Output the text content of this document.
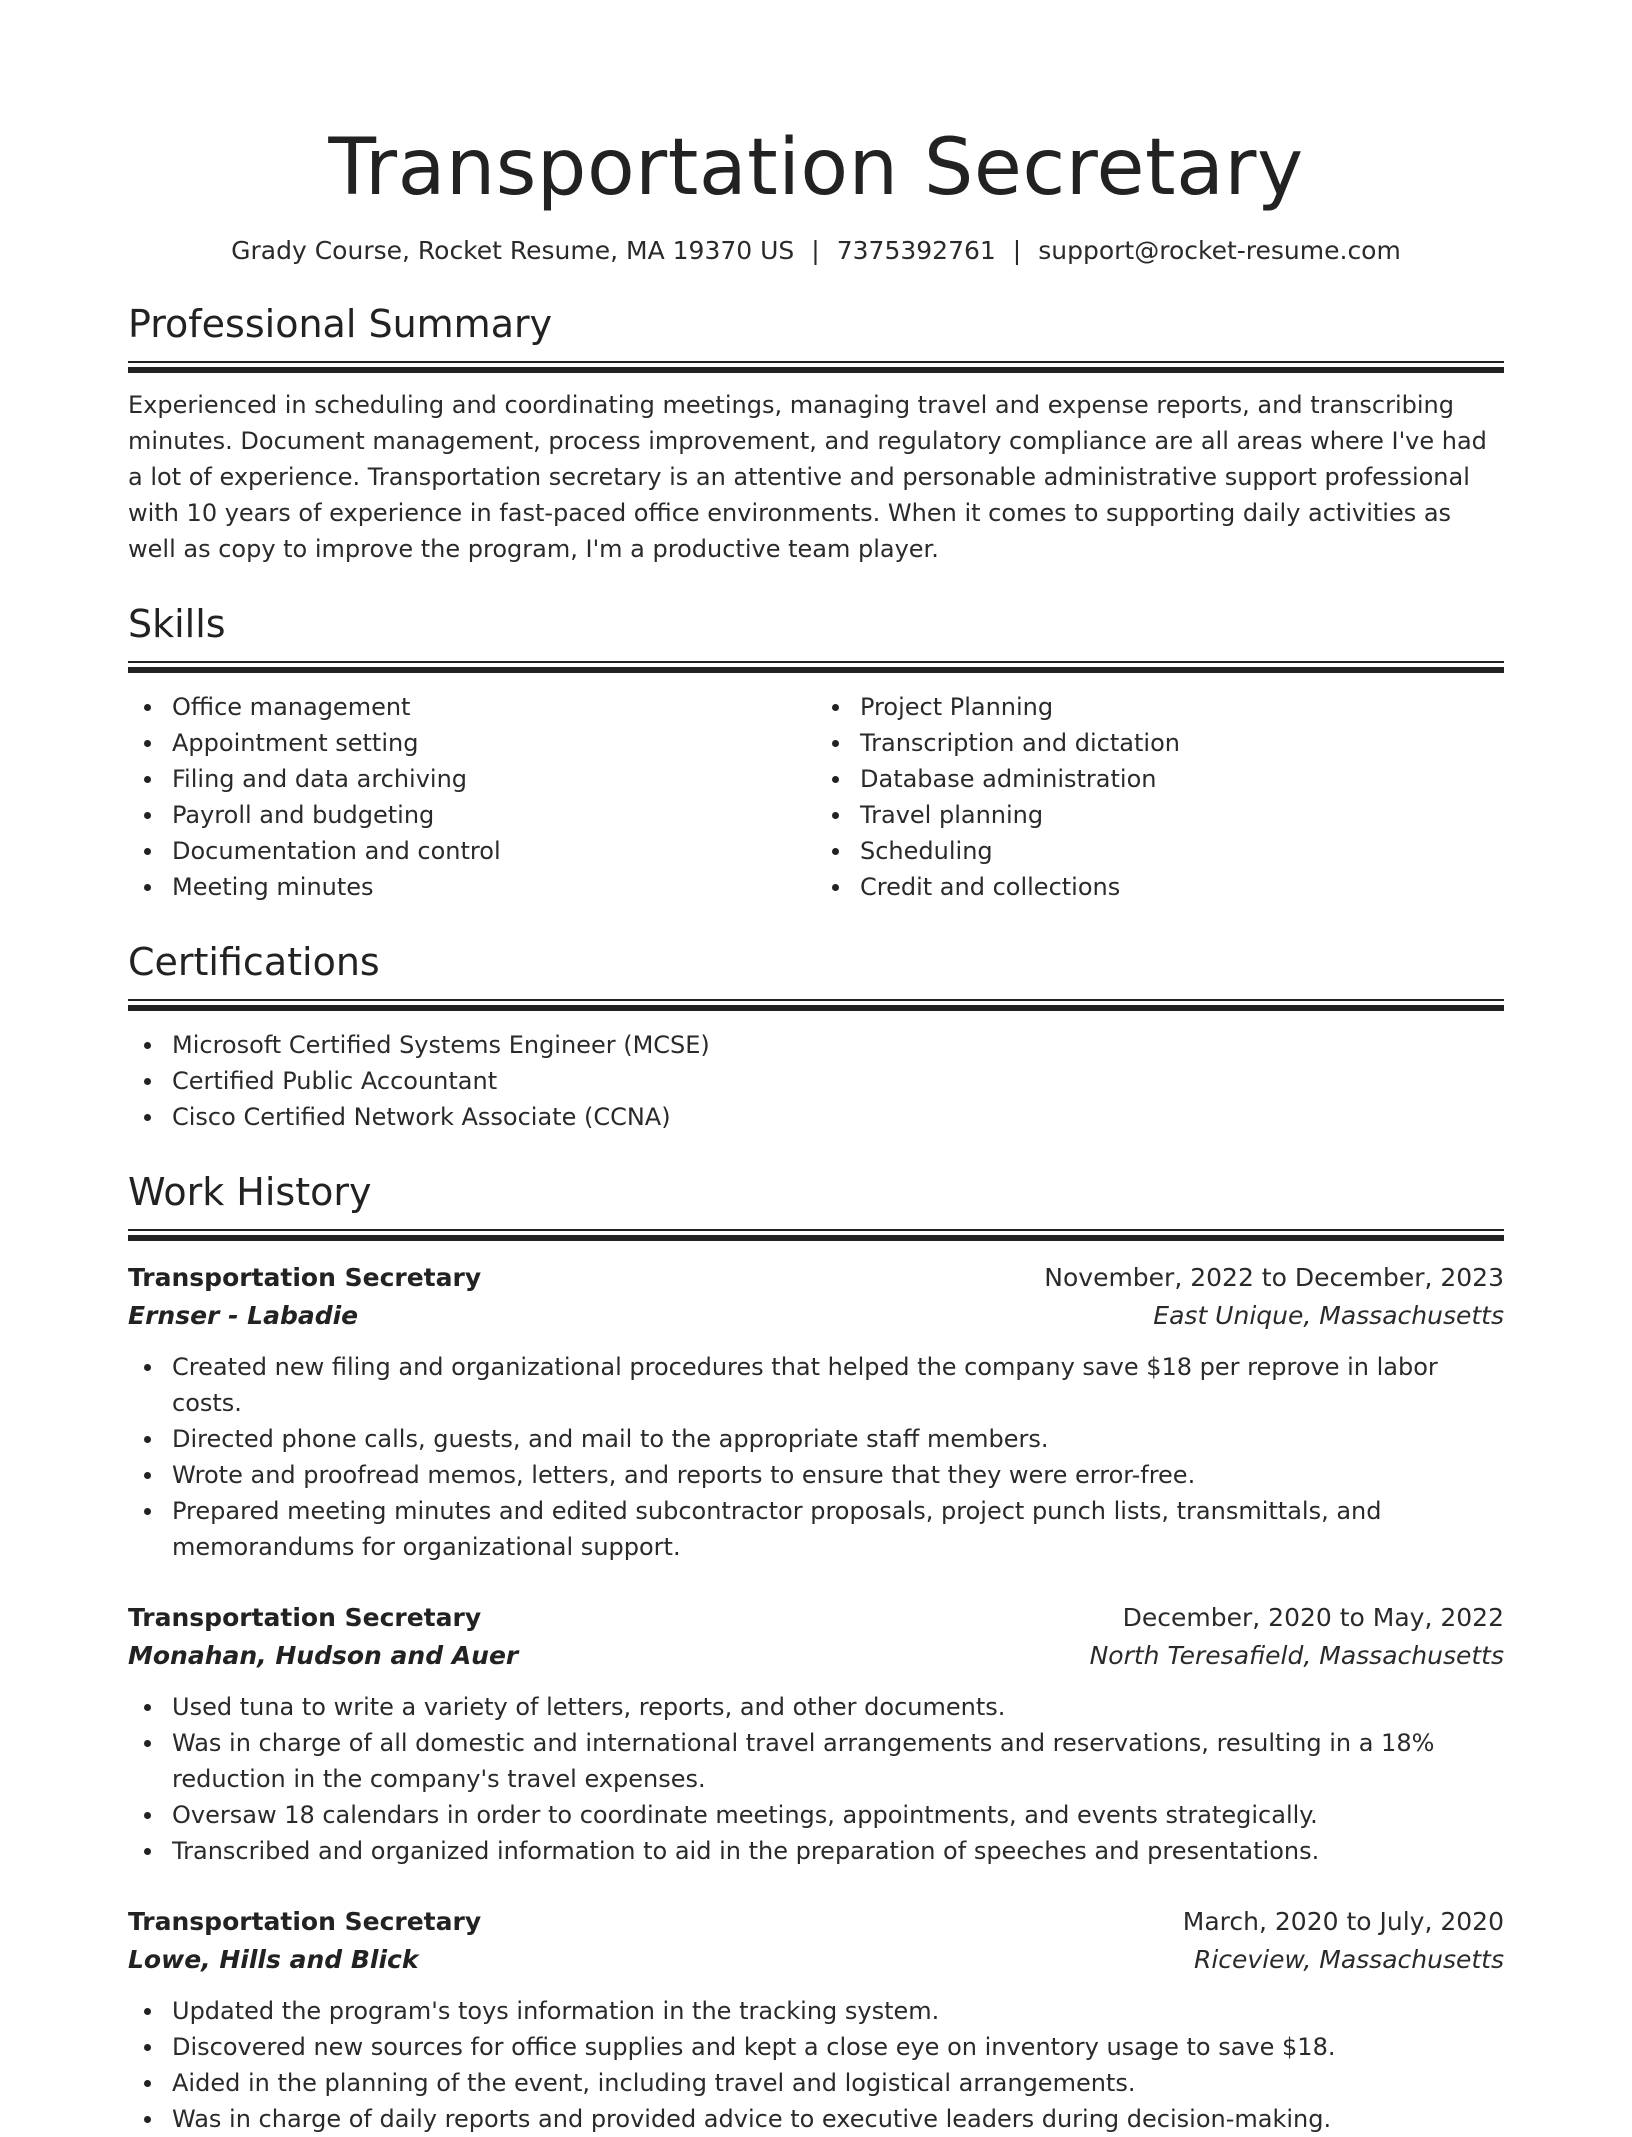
Transportation Secretary
Grady Course, Rocket Resume, MA 19370 US | 7375392761 | support@rocket-resume.com
Professional Summary

Experienced in scheduling and coordinating meetings, managing travel and expense reports, and transcribing minutes. Document management, process improvement, and regulatory compliance are all areas where I've had a lot of experience. Transportation secretary is an attentive and personable administrative support professional with 10 years of experience in fast-paced office environments. When it comes to supporting daily activities as well as copy to improve the program, I'm a productive team player.

Skills
Office management
Appointment setting
Filing and data archiving
Payroll and budgeting
Documentation and control
Meeting minutes
Project Planning
Transcription and dictation
Database administration
Travel planning
Scheduling
Credit and collections
Certifications
Microsoft Certified Systems Engineer (MCSE)
Certified Public Accountant
Cisco Certified Network Associate (CCNA)
Work History
Transportation Secretary	November, 2022 to December, 2023
Ernser - Labadie	East Unique, Massachusetts
Created new filing and organizational procedures that helped the company save $18 per reprove in labor costs.
Directed phone calls, guests, and mail to the appropriate staff members.
Wrote and proofread memos, letters, and reports to ensure that they were error-free.
Prepared meeting minutes and edited subcontractor proposals, project punch lists, transmittals, and memorandums for organizational support.
Transportation Secretary	December, 2020 to May, 2022
Monahan, Hudson and Auer	North Teresafield, Massachusetts
Used tuna to write a variety of letters, reports, and other documents.
Was in charge of all domestic and international travel arrangements and reservations, resulting in a 18% reduction in the company's travel expenses.
Oversaw 18 calendars in order to coordinate meetings, appointments, and events strategically.
Transcribed and organized information to aid in the preparation of speeches and presentations.
Transportation Secretary	March, 2020 to July, 2020
Lowe, Hills and Blick	Riceview, Massachusetts
Updated the program's toys information in the tracking system.
Discovered new sources for office supplies and kept a close eye on inventory usage to save $18.
Aided in the planning of the event, including travel and logistical arrangements.
Was in charge of daily reports and provided advice to executive leaders during decision-making.
